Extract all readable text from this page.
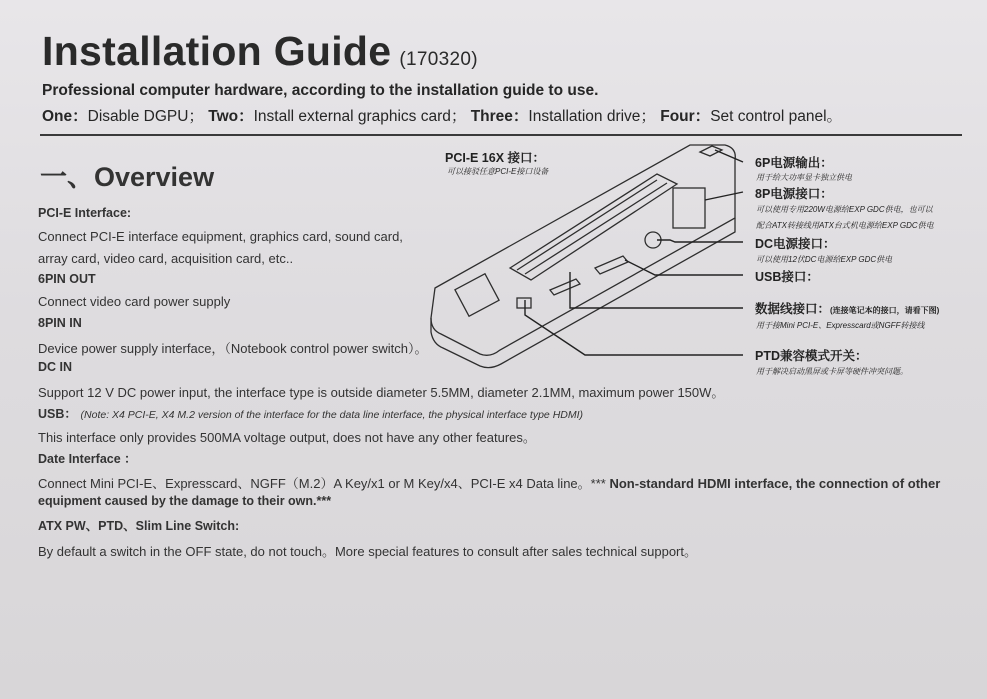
Installation Guide (170320)
Professional computer hardware, according to the installation guide to use.
One：Disable DGPU； Two：Install external graphics card； Three：Installation drive； Four：Set control panel。
一、Overview
PCI-E Interface:
Connect PCI-E interface equipment, graphics card, sound card,
array card, video card, acquisition card, etc..
6PIN OUT
Connect video card power supply
8PIN IN
Device power supply interface，（Notebook control power switch）。
DC IN
Support 12 V DC power input, the interface type is outside diameter 5.5MM, diameter 2.1MM, maximum power 150W。
USB： (Note: X4 PCI-E, X4 M.2 version of the interface for the data line interface, the physical interface type HDMI)
This interface only provides 500MA voltage output, does not have any other features。
Date Interface ：
Connect Mini PCI-E、Expresscard、NGFF（M.2）A Key/x1 or M Key/x4、PCI-E x4 Data line。*** Non-standard HDMI interface, the connection of other
equipment caused by the damage to their own.***
ATX PW、PTD、Slim Line Switch:
By default a switch in the OFF state, do not touch。More special features to consult after sales technical support。
PCI-E 16X 接口：
可以接驳任意PCI-E接口设备
6P电源输出：
用于给大功率显卡独立供电
8P电源接口：
可以使用专用220W电源给EXP GDC供电，也可以
配合ATX转接线用ATX台式机电源给EXP GDC供电
DC电源接口：
可以使用12伏DC电源给EXP GDC供电
USB接口：
数据线接口：(连接笔记本的接口，请看下图)
用于接Mini PCI-E、Expresscard或NGFF转接线
PTD兼容模式开关：
用于解决启动黑屏或卡屏等硬件冲突问题。
